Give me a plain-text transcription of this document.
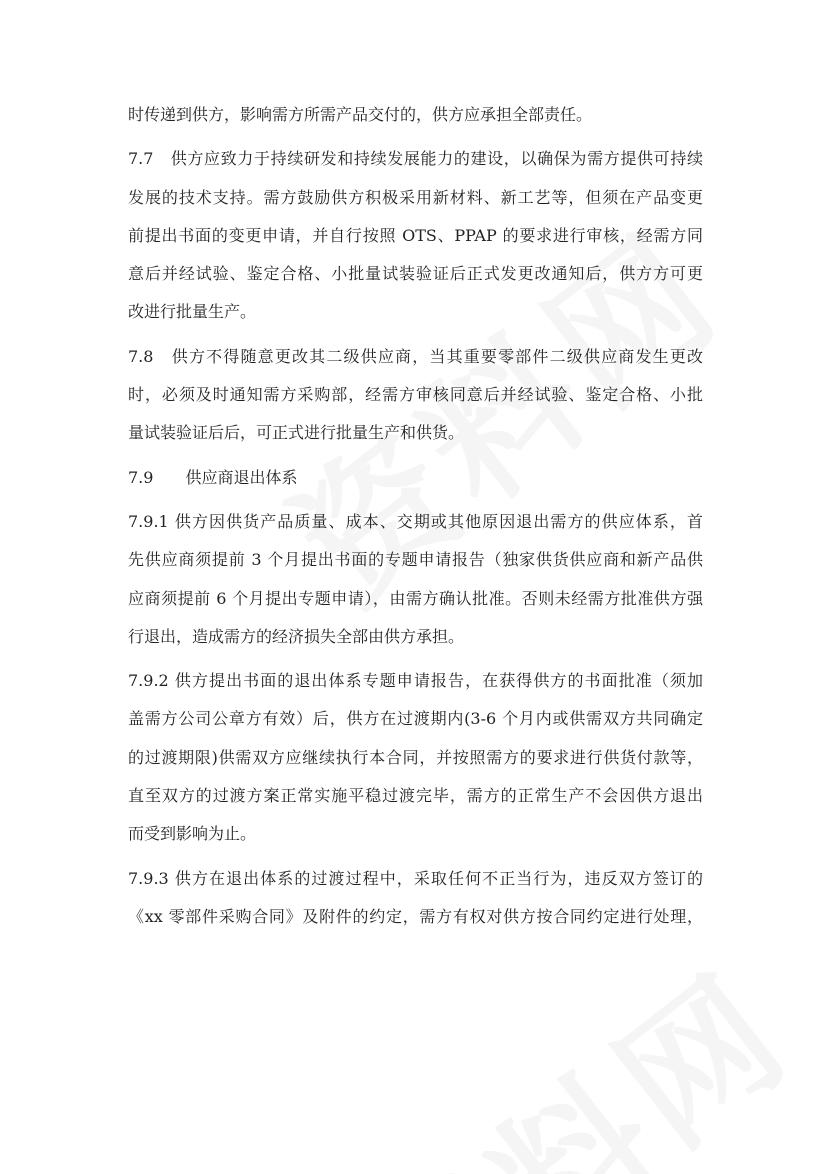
时传递到供方，影响需方所需产品交付的，供方应承担全部责任。
7.7　供方应致力于持续研发和持续发展能力的建设，以确保为需方提供可持续
发展的技术支持。需方鼓励供方积极采用新材料、新工艺等，但须在产品变更
前提出书面的变更申请，并自行按照 OTS、PPAP 的要求进行审核，经需方同
意后并经试验、鉴定合格、小批量试装验证后正式发更改通知后，供方方可更
改进行批量生产。
7.8　供方不得随意更改其二级供应商，当其重要零部件二级供应商发生更改
时，必须及时通知需方采购部，经需方审核同意后并经试验、鉴定合格、小批
量试装验证后后，可正式进行批量生产和供货。
7.9　　供应商退出体系
7.9.1 供方因供货产品质量、成本、交期或其他原因退出需方的供应体系，首
先供应商须提前 3 个月提出书面的专题申请报告（独家供货供应商和新产品供
应商须提前 6 个月提出专题申请），由需方确认批准。否则未经需方批准供方强
行退出，造成需方的经济损失全部由供方承担。
7.9.2 供方提出书面的退出体系专题申请报告，在获得供方的书面批准（须加
盖需方公司公章方有效）后，供方在过渡期内(3-6 个月内或供需双方共同确定
的过渡期限)供需双方应继续执行本合同，并按照需方的要求进行供货付款等，
直至双方的过渡方案正常实施平稳过渡完毕，需方的正常生产不会因供方退出
而受到影响为止。
7.9.3 供方在退出体系的过渡过程中，采取任何不正当行为，违反双方签订的
《xx 零部件采购合同》及附件的约定，需方有权对供方按合同约定进行处理，
